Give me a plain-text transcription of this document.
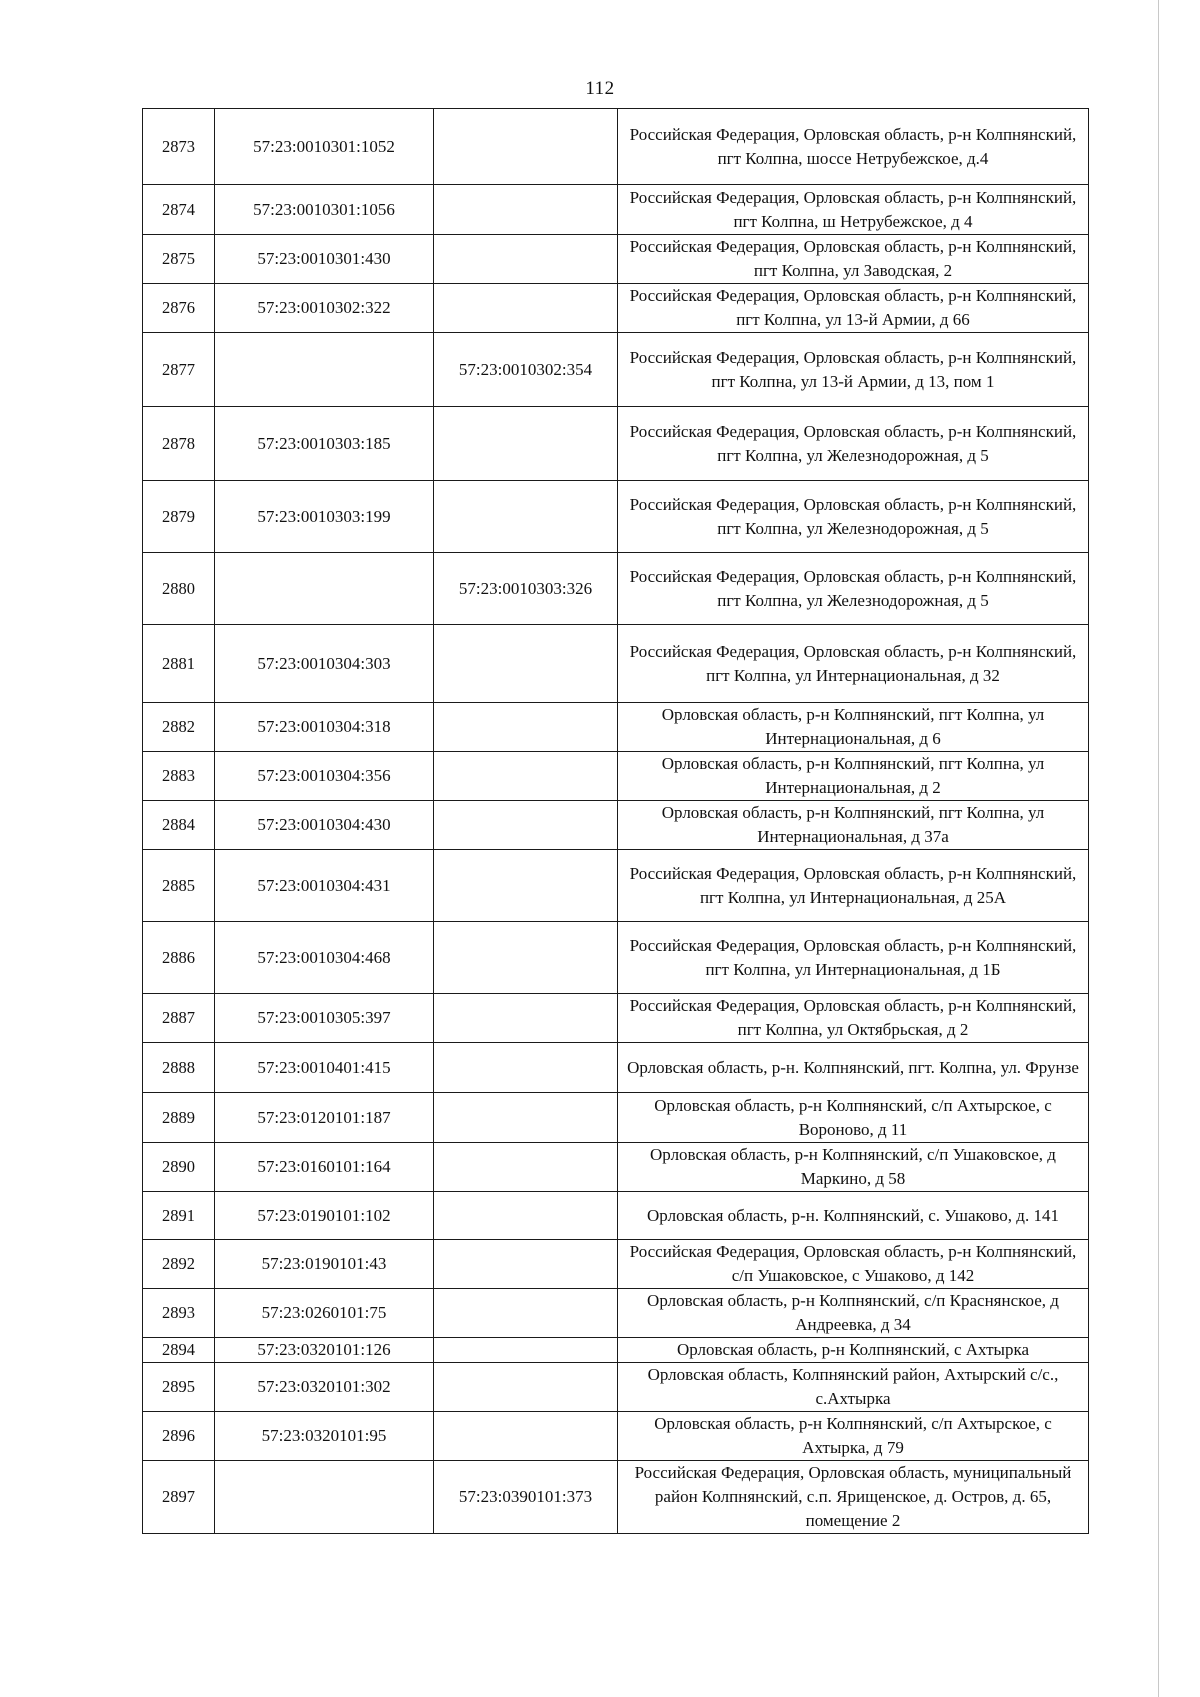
112
2873	57:23:0010301:1052		Российская Федерация, Орловская область, р-н Колпнянский, пгт Колпна, шоссе Нетрубежское, д.4
2874	57:23:0010301:1056		Российская Федерация, Орловская область, р-н Колпнянский, пгт Колпна, ш Нетрубежское, д 4
2875	57:23:0010301:430		Российская Федерация, Орловская область, р-н Колпнянский, пгт Колпна, ул Заводская, 2
2876	57:23:0010302:322		Российская Федерация, Орловская область, р-н Колпнянский, пгт Колпна, ул 13-й Армии, д 66
2877		57:23:0010302:354	Российская Федерация, Орловская область, р-н Колпнянский, пгт Колпна, ул 13-й Армии, д 13, пом 1
2878	57:23:0010303:185		Российская Федерация, Орловская область, р-н Колпнянский, пгт Колпна, ул Железнодорожная, д 5
2879	57:23:0010303:199		Российская Федерация, Орловская область, р-н Колпнянский, пгт Колпна, ул Железнодорожная, д 5
2880		57:23:0010303:326	Российская Федерация, Орловская область, р-н Колпнянский, пгт Колпна, ул Железнодорожная, д 5
2881	57:23:0010304:303		Российская Федерация, Орловская область, р-н Колпнянский, пгт Колпна, ул Интернациональная, д 32
2882	57:23:0010304:318		Орловская область, р-н Колпнянский, пгт Колпна, ул Интернациональная, д 6
2883	57:23:0010304:356		Орловская область, р-н Колпнянский, пгт Колпна, ул Интернациональная, д 2
2884	57:23:0010304:430		Орловская область, р-н Колпнянский, пгт Колпна, ул Интернациональная, д 37а
2885	57:23:0010304:431		Российская Федерация, Орловская область, р-н Колпнянский, пгт Колпна, ул Интернациональная, д 25А
2886	57:23:0010304:468		Российская Федерация, Орловская область, р-н Колпнянский, пгт Колпна, ул Интернациональная, д 1Б
2887	57:23:0010305:397		Российская Федерация, Орловская область, р-н Колпнянский, пгт Колпна, ул Октябрьская, д 2
2888	57:23:0010401:415		Орловская область, р-н. Колпнянский, пгт. Колпна, ул. Фрунзе
2889	57:23:0120101:187		Орловская область, р-н Колпнянский, с/п Ахтырское, с Вороново, д 11
2890	57:23:0160101:164		Орловская область, р-н Колпнянский, с/п Ушаковское, д Маркино, д 58
2891	57:23:0190101:102		Орловская область, р-н. Колпнянский, с. Ушаково, д. 141
2892	57:23:0190101:43		Российская Федерация, Орловская область, р-н Колпнянский, с/п Ушаковское, с Ушаково, д 142
2893	57:23:0260101:75		Орловская область, р-н Колпнянский, с/п Краснянское, д Андреевка, д 34
2894	57:23:0320101:126		Орловская область, р-н Колпнянский, с Ахтырка
2895	57:23:0320101:302		Орловская область, Колпнянский район, Ахтырский с/с., с.Ахтырка
2896	57:23:0320101:95		Орловская область, р-н Колпнянский, с/п Ахтырское, с Ахтырка, д 79
2897		57:23:0390101:373	Российская Федерация, Орловская область, муниципальный район Колпнянский, с.п. Ярищенское, д. Остров, д. 65, помещение 2
